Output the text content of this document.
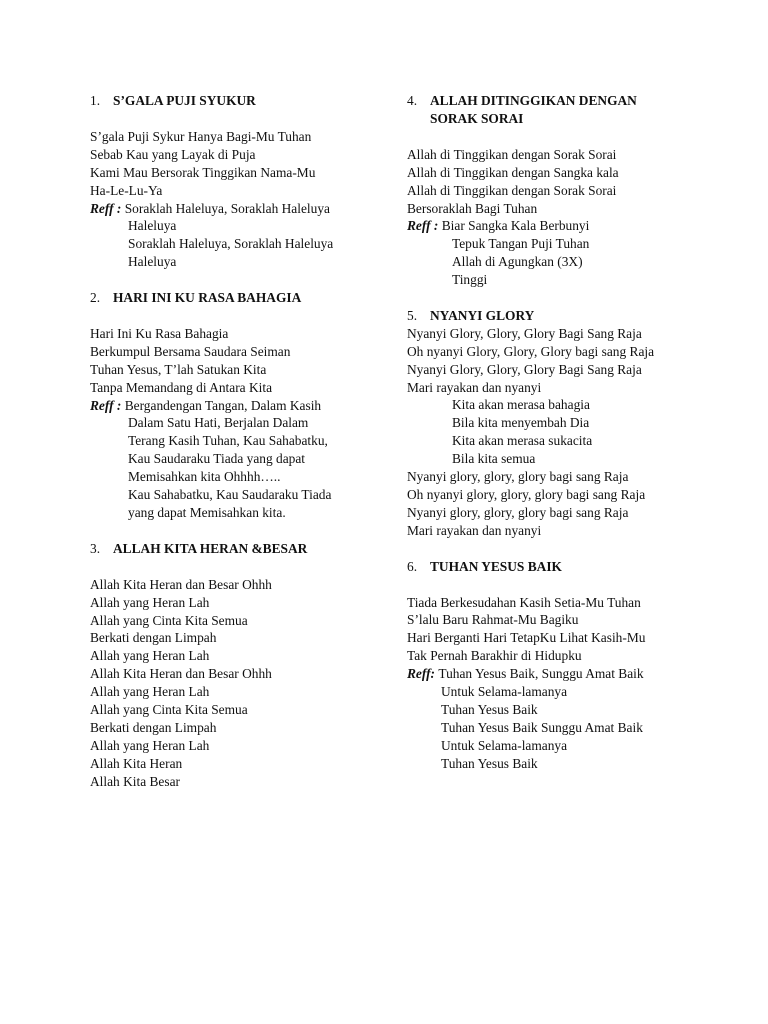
1. S’GALA PUJI SYUKUR
S’gala Puji Sykur Hanya Bagi-Mu Tuhan
Sebab Kau yang Layak di Puja
Kami Mau Bersorak Tinggikan Nama-Mu
Ha-Le-Lu-Ya
Reff : Soraklah Haleluya, Soraklah Haleluya
Haleluya
Soraklah Haleluya, Soraklah Haleluya
Haleluya
2. HARI INI KU RASA BAHAGIA
Hari Ini Ku Rasa Bahagia
Berkumpul Bersama Saudara Seiman
Tuhan Yesus, T’lah Satukan Kita
Tanpa Memandang di Antara Kita
Reff : Bergandengan Tangan, Dalam Kasih
Dalam Satu Hati, Berjalan Dalam
Terang Kasih Tuhan, Kau Sahabatku,
Kau Saudaraku Tiada yang dapat
Memisahkan kita Ohhhh…..
Kau Sahabatku, Kau Saudaraku Tiada
yang dapat Memisahkan kita.
3. ALLAH KITA HERAN &BESAR
Allah Kita Heran dan Besar Ohhh
Allah yang Heran Lah
Allah yang Cinta Kita Semua
Berkati dengan Limpah
Allah yang Heran Lah
Allah Kita Heran dan Besar Ohhh
Allah yang Heran Lah
Allah yang Cinta Kita Semua
Berkati dengan Limpah
Allah yang Heran Lah
Allah Kita Heran
Allah Kita Besar
4. ALLAH DITINGGIKAN DENGAN SORAK SORAI
Allah di Tinggikan dengan Sorak Sorai
Allah di Tinggikan dengan Sangka kala
Allah di Tinggikan dengan Sorak Sorai
Bersoraklah Bagi Tuhan
Reff : Biar Sangka Kala Berbunyi
Tepuk Tangan Puji Tuhan
Allah di Agungkan (3X)
Tinggi
5. NYANYI GLORY
Nyanyi Glory, Glory, Glory Bagi Sang Raja
Oh nyanyi Glory, Glory, Glory bagi sang Raja
Nyanyi Glory, Glory, Glory Bagi Sang Raja
Mari rayakan dan nyanyi
Kita akan merasa bahagia
Bila kita menyembah Dia
Kita akan merasa sukacita
Bila kita semua
Nyanyi glory, glory, glory bagi sang Raja
Oh nyanyi glory, glory, glory bagi sang Raja
Nyanyi glory, glory, glory bagi sang Raja
Mari rayakan dan nyanyi
6. TUHAN YESUS BAIK
Tiada Berkesudahan Kasih Setia-Mu Tuhan
S’lalu Baru Rahmat-Mu Bagiku
Hari Berganti Hari TetapKu Lihat Kasih-Mu
Tak Pernah Barakhir di Hidupku
Reff: Tuhan Yesus Baik, Sunggu Amat Baik
Untuk Selama-lamanya
Tuhan Yesus Baik
Tuhan Yesus Baik Sunggu Amat Baik
Untuk Selama-lamanya
Tuhan Yesus Baik
